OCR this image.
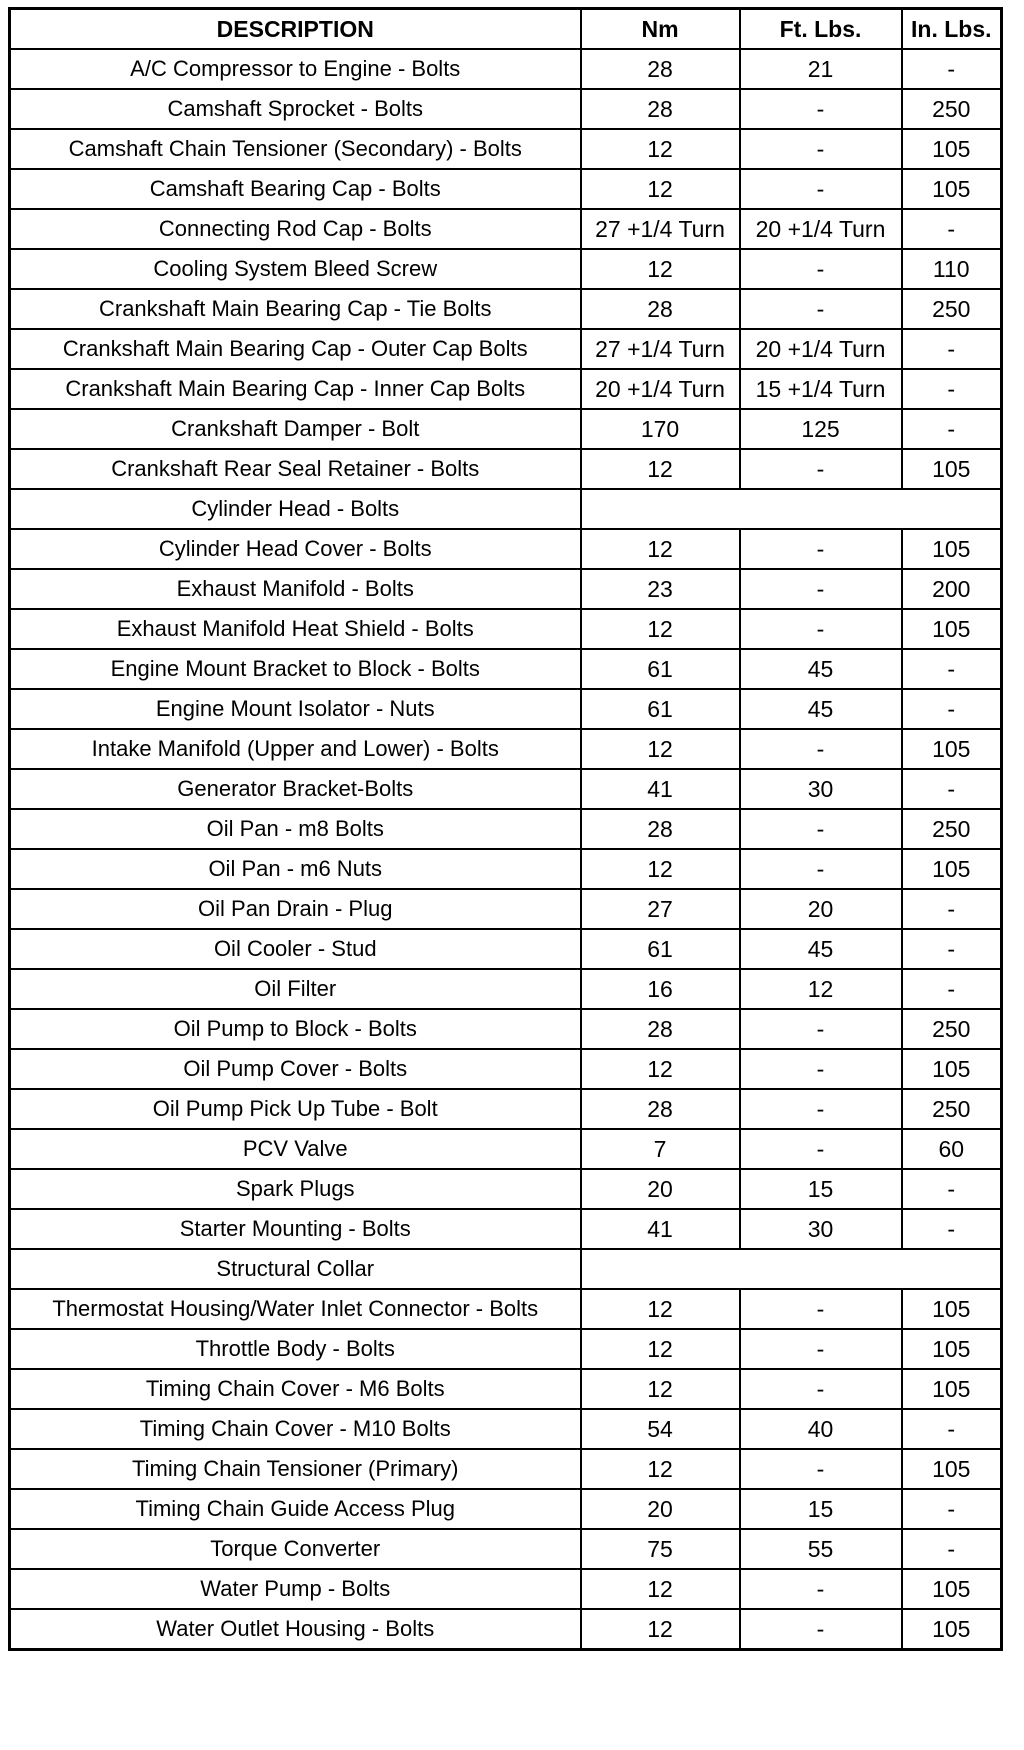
DESCRIPTION	Nm	Ft. Lbs.	In. Lbs.
A/C Compressor to Engine - Bolts	28	21	-
Camshaft Sprocket - Bolts	28	-	250
Camshaft Chain Tensioner (Secondary) - Bolts	12	-	105
Camshaft Bearing Cap - Bolts	12	-	105
Connecting Rod Cap - Bolts	27 +1/4 Turn	20 +1/4 Turn	-
Cooling System Bleed Screw	12	-	110
Crankshaft Main Bearing Cap - Tie Bolts	28	-	250
Crankshaft Main Bearing Cap - Outer Cap Bolts	27 +1/4 Turn	20 +1/4 Turn	-
Crankshaft Main Bearing Cap - Inner Cap Bolts	20 +1/4 Turn	15 +1/4 Turn	-
Crankshaft Damper - Bolt	170	125	-
Crankshaft Rear Seal Retainer - Bolts	12	-	105
Cylinder Head - Bolts			
Cylinder Head Cover - Bolts	12	-	105
Exhaust Manifold - Bolts	23	-	200
Exhaust Manifold Heat Shield - Bolts	12	-	105
Engine Mount Bracket to Block - Bolts	61	45	-
Engine Mount Isolator - Nuts	61	45	-
Intake Manifold (Upper and Lower) - Bolts	12	-	105
Generator Bracket-Bolts	41	30	-
Oil Pan - m8 Bolts	28	-	250
Oil Pan - m6 Nuts	12	-	105
Oil Pan Drain - Plug	27	20	-
Oil Cooler - Stud	61	45	-
Oil Filter	16	12	-
Oil Pump to Block - Bolts	28	-	250
Oil Pump Cover - Bolts	12	-	105
Oil Pump Pick Up Tube - Bolt	28	-	250
PCV Valve	7	-	60
Spark Plugs	20	15	-
Starter Mounting - Bolts	41	30	-
Structural Collar			
Thermostat Housing/Water Inlet Connector - Bolts	12	-	105
Throttle Body - Bolts	12	-	105
Timing Chain Cover - M6 Bolts	12	-	105
Timing Chain Cover - M10 Bolts	54	40	-
Timing Chain Tensioner (Primary)	12	-	105
Timing Chain Guide Access Plug	20	15	-
Torque Converter	75	55	-
Water Pump - Bolts	12	-	105
Water Outlet Housing - Bolts	12	-	105
